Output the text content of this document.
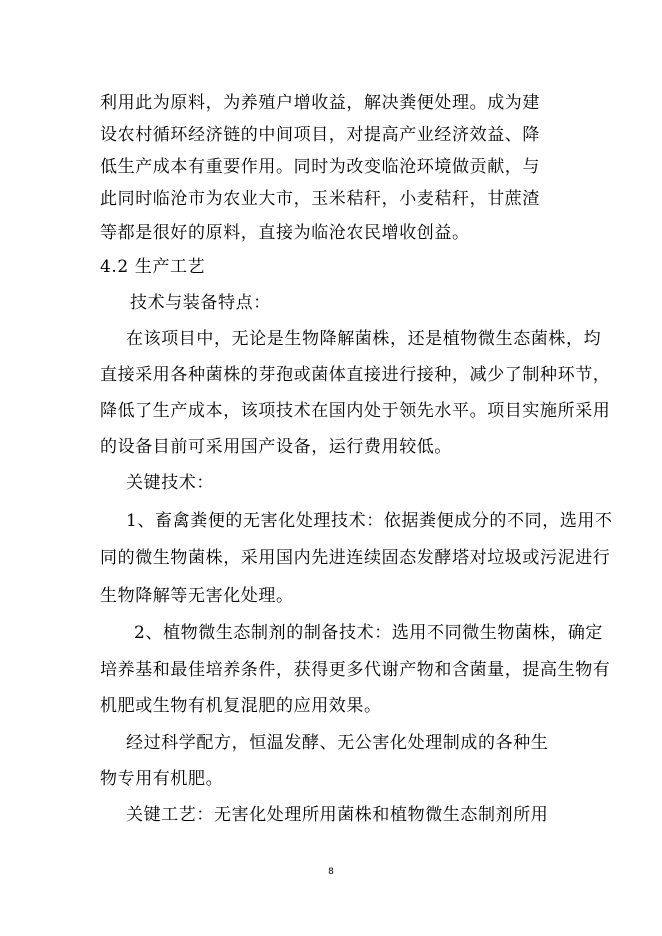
利用此为原料，为养殖户增收益，解决粪便处理。成为建
设农村循环经济链的中间项目，对提高产业经济效益、降
低生产成本有重要作用。同时为改变临沧环境做贡献，与
此同时临沧市为农业大市，玉米秸秆，小麦秸秆，甘蔗渣
等都是很好的原料，直接为临沧农民增收创益。
4.2 生产工艺
技术与装备特点：
在该项目中，无论是生物降解菌株，还是植物微生态菌株，均
直接采用各种菌株的芽孢或菌体直接进行接种，减少了制种环节，
降低了生产成本，该项技术在国内处于领先水平。项目实施所采用
的设备目前可采用国产设备，运行费用较低。
关键技术：
1、畜禽粪便的无害化处理技术：依据粪便成分的不同，选用不
同的微生物菌株，采用国内先进连续固态发酵塔对垃圾或污泥进行
生物降解等无害化处理。
2、植物微生态制剂的制备技术：选用不同微生物菌株，确定
培养基和最佳培养条件，获得更多代谢产物和含菌量，提高生物有
机肥或生物有机复混肥的应用效果。
经过科学配方，恒温发酵、无公害化处理制成的各种生
物专用有机肥。
关键工艺：无害化处理所用菌株和植物微生态制剂所用
8
